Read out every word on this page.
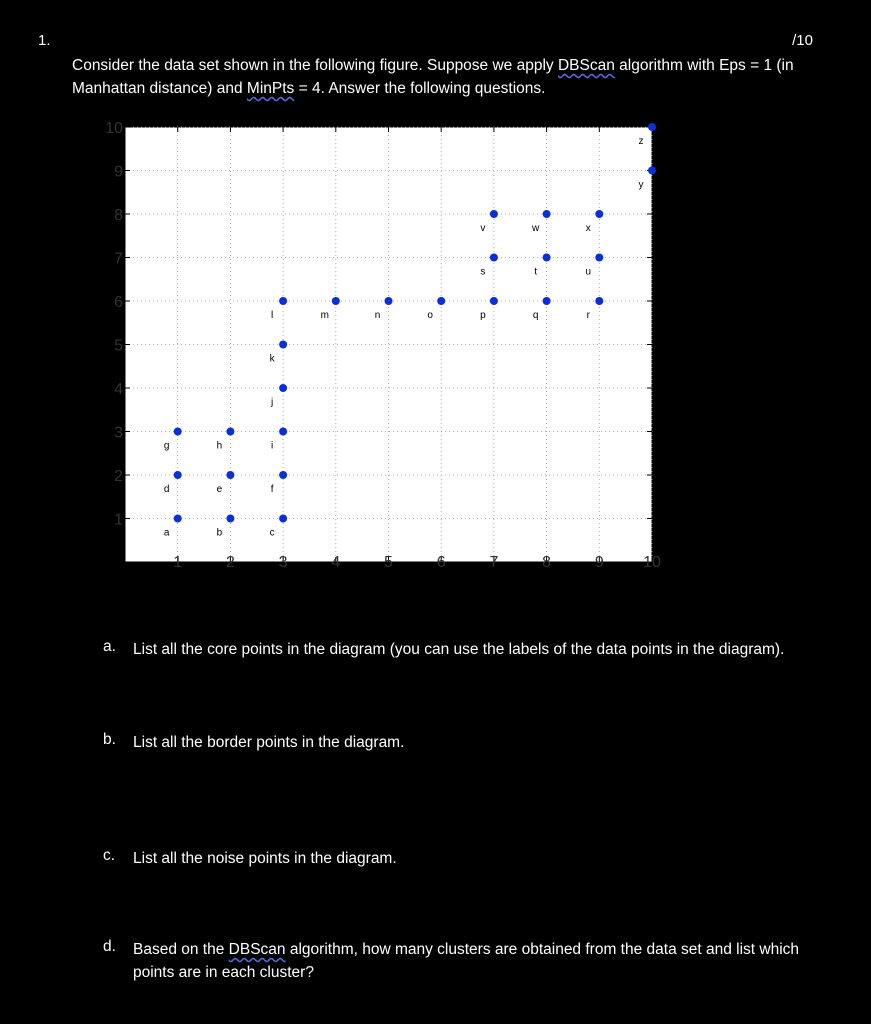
1.	/10
Consider the data set shown in the following figure. Suppose we apply DBScan algorithm with Eps = 1 (in Manhattan distance) and MinPts = 4. Answer the following questions.
1	2	3	4	5	6	7	8	9 10
1
2
3
4
5
6
7
8
9
10
a	b	c
d	e	f
g	h	i
j
k
l	m	n	o	p	q	r
s	t	u
v	w	x
y
z
a. List all the core points in the diagram (you can use the labels of the data points in the diagram).
b. List all the border points in the diagram.
c. List all the noise points in the diagram.
d. Based on the DBScan algorithm, how many clusters are obtained from the data set and list which points are in each cluster?
